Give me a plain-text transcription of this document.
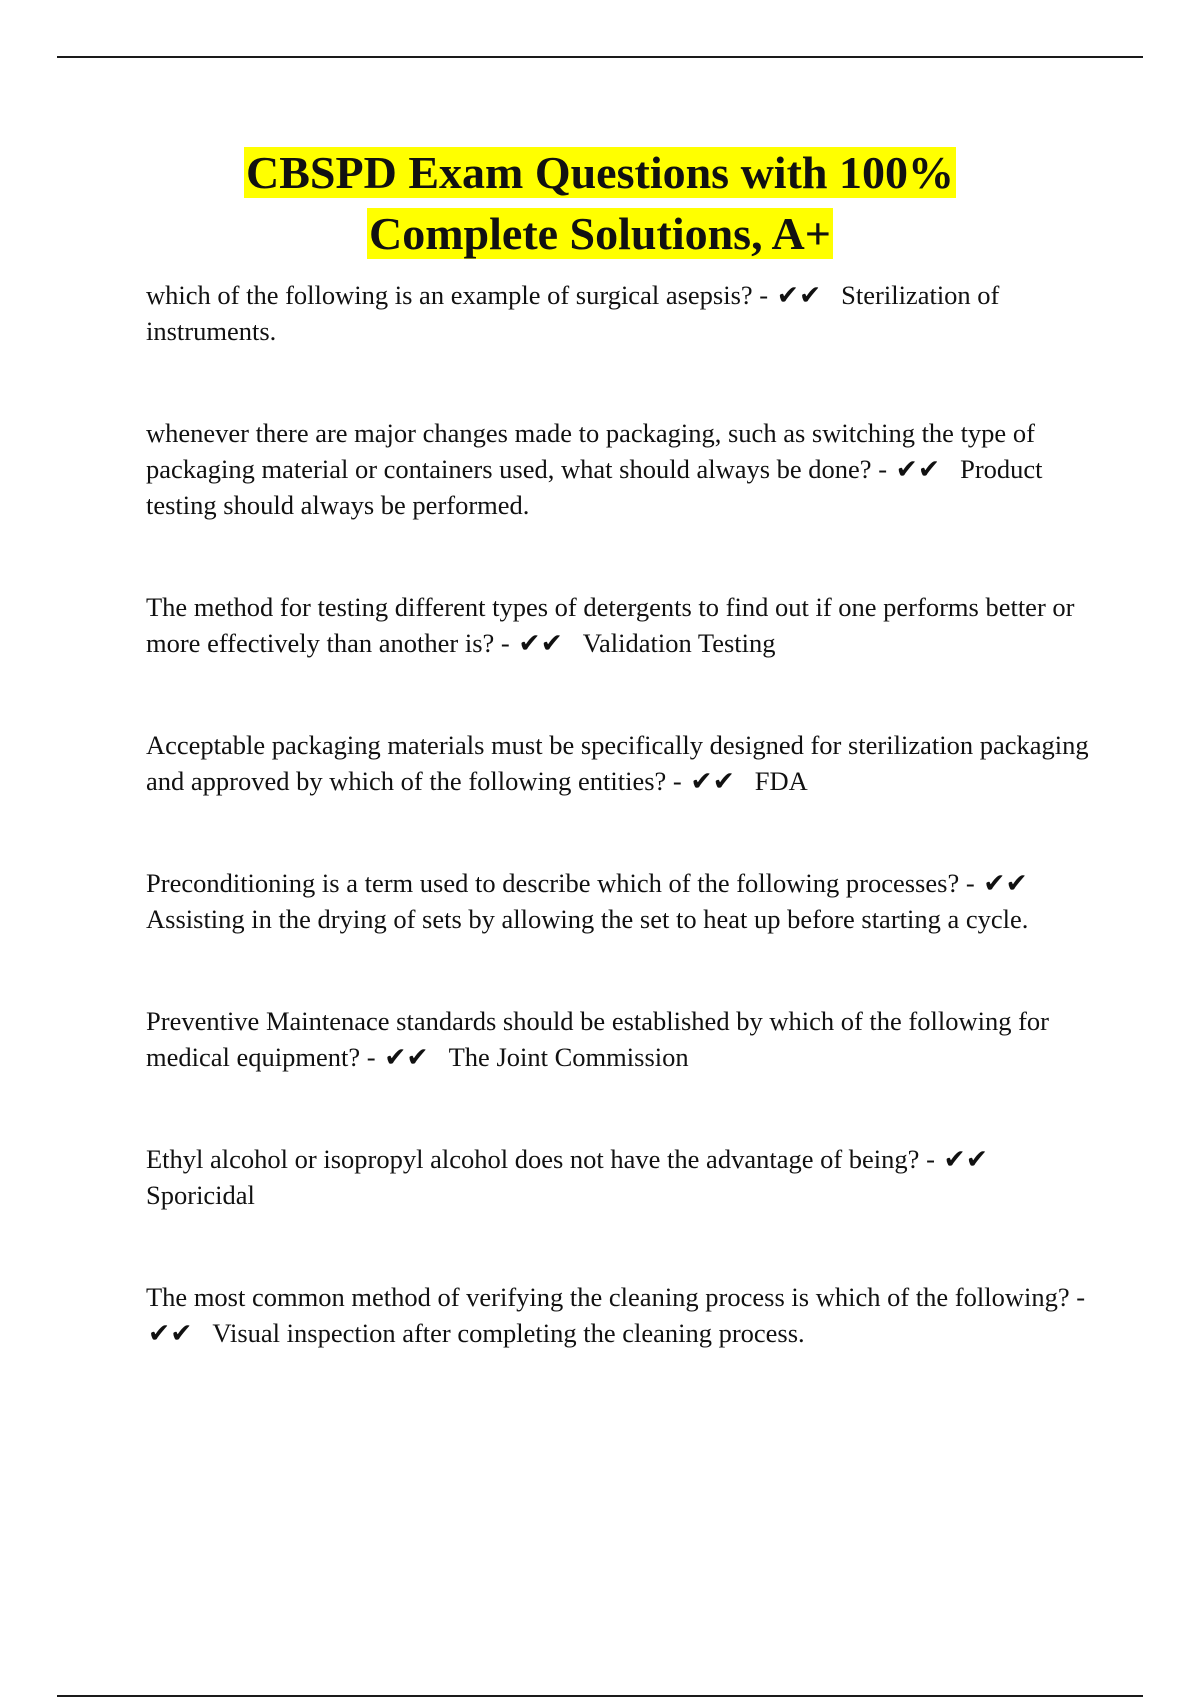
CBSPD Exam Questions with 100%
Complete Solutions, A+
which of the following is an example of surgical asepsis? - ✔✔ Sterilization of instruments.
whenever there are major changes made to packaging, such as switching the type of packaging material or containers used, what should always be done? - ✔✔ Product testing should always be performed.
The method for testing different types of detergents to find out if one performs better or more effectively than another is? - ✔✔ Validation Testing
Acceptable packaging materials must be specifically designed for sterilization packaging and approved by which of the following entities? - ✔✔ FDA
Preconditioning is a term used to describe which of the following processes? - ✔✔Assisting in the drying of sets by allowing the set to heat up before starting a cycle.
Preventive Maintenace standards should be established by which of the following for medical equipment? - ✔✔ The Joint Commission
Ethyl alcohol or isopropyl alcohol does not have the advantage of being? - ✔✔Sporicidal
The most common method of verifying the cleaning process is which of the following? - ✔✔ Visual inspection after completing the cleaning process.
